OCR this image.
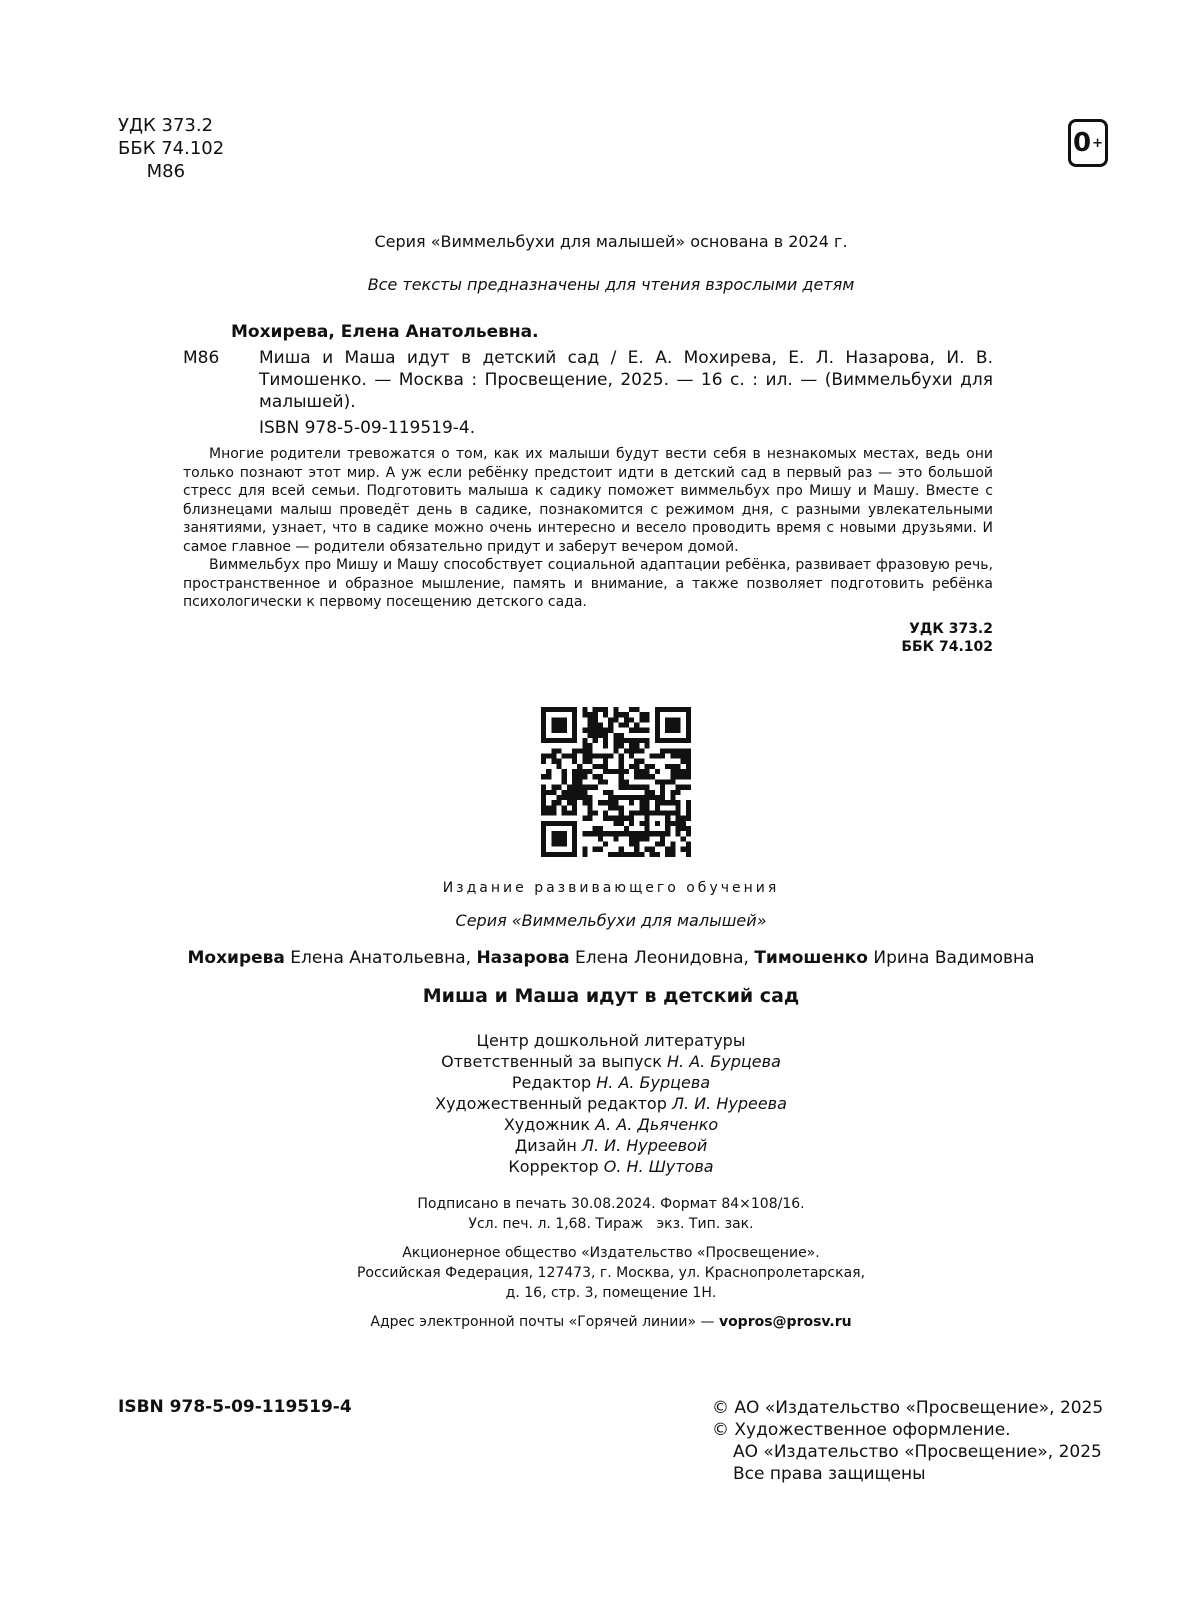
УДК 373.2
ББК 74.102
М86
0 +
Серия «Виммельбухи для малышей» основана в 2024 г.
Все тексты предназначены для чтения взрослыми детям
Мохирева, Елена Анатольевна.
М86 Миша и Маша идут в детский сад / Е. А. Мохирева, Е. Л. Назарова, И. В. Тимошенко. — Москва : Просвещение, 2025. — 16 с. : ил. — (Виммельбухи для малышей).
ISBN 978-5-09-119519-4.

Многие родители тревожатся о том, как их малыши будут вести себя в незнакомых местах, ведь они только познают этот мир. А уж если ребёнку предстоит идти в детский сад в первый раз — это большой стресс для всей семьи. Подготовить малыша к садику поможет виммельбух про Мишу и Машу. Вместе с близнецами малыш проведёт день в садике, познакомится с режимом дня, с разными увлекательными занятиями, узнает, что в садике можно очень интересно и весело проводить время с новыми друзьями. И самое главное — родители обязательно придут и заберут вечером домой.

Виммельбух про Мишу и Машу способствует социальной адаптации ребёнка, развивает фразовую речь, пространственное и образное мышление, память и внимание, а также позволяет подготовить ребёнка психологически к первому посещению детского сада.

УДК 373.2
ББК 74.102
Издание развивающего обучения
Серия «Виммельбухи для малышей»
Мохирева Елена Анатольевна, Назарова Елена Леонидовна, Тимошенко Ирина Вадимовна
Миша и Маша идут в детский сад
Центр дошкольной литературы
Ответственный за выпуск Н. А. Бурцева
Редактор Н. А. Бурцева
Художественный редактор Л. И. Нуреева
Художник А. А. Дьяченко
Дизайн Л. И. Нуреевой
Корректор О. Н. Шутова
Подписано в печать 30.08.2024. Формат 84×108/16.
Усл. печ. л. 1,68. Тираж   экз. Тип. зак.
Акционерное общество «Издательство «Просвещение».
Российская Федерация, 127473, г. Москва, ул. Краснопролетарская,
д. 16, стр. 3, помещение 1Н.
Адрес электронной почты «Горячей линии» — vopros@prosv.ru
ISBN 978-5-09-119519-4	© АО «Издательство «Просвещение», 2025
© Художественное оформление.
АО «Издательство «Просвещение», 2025
Все права защищены
